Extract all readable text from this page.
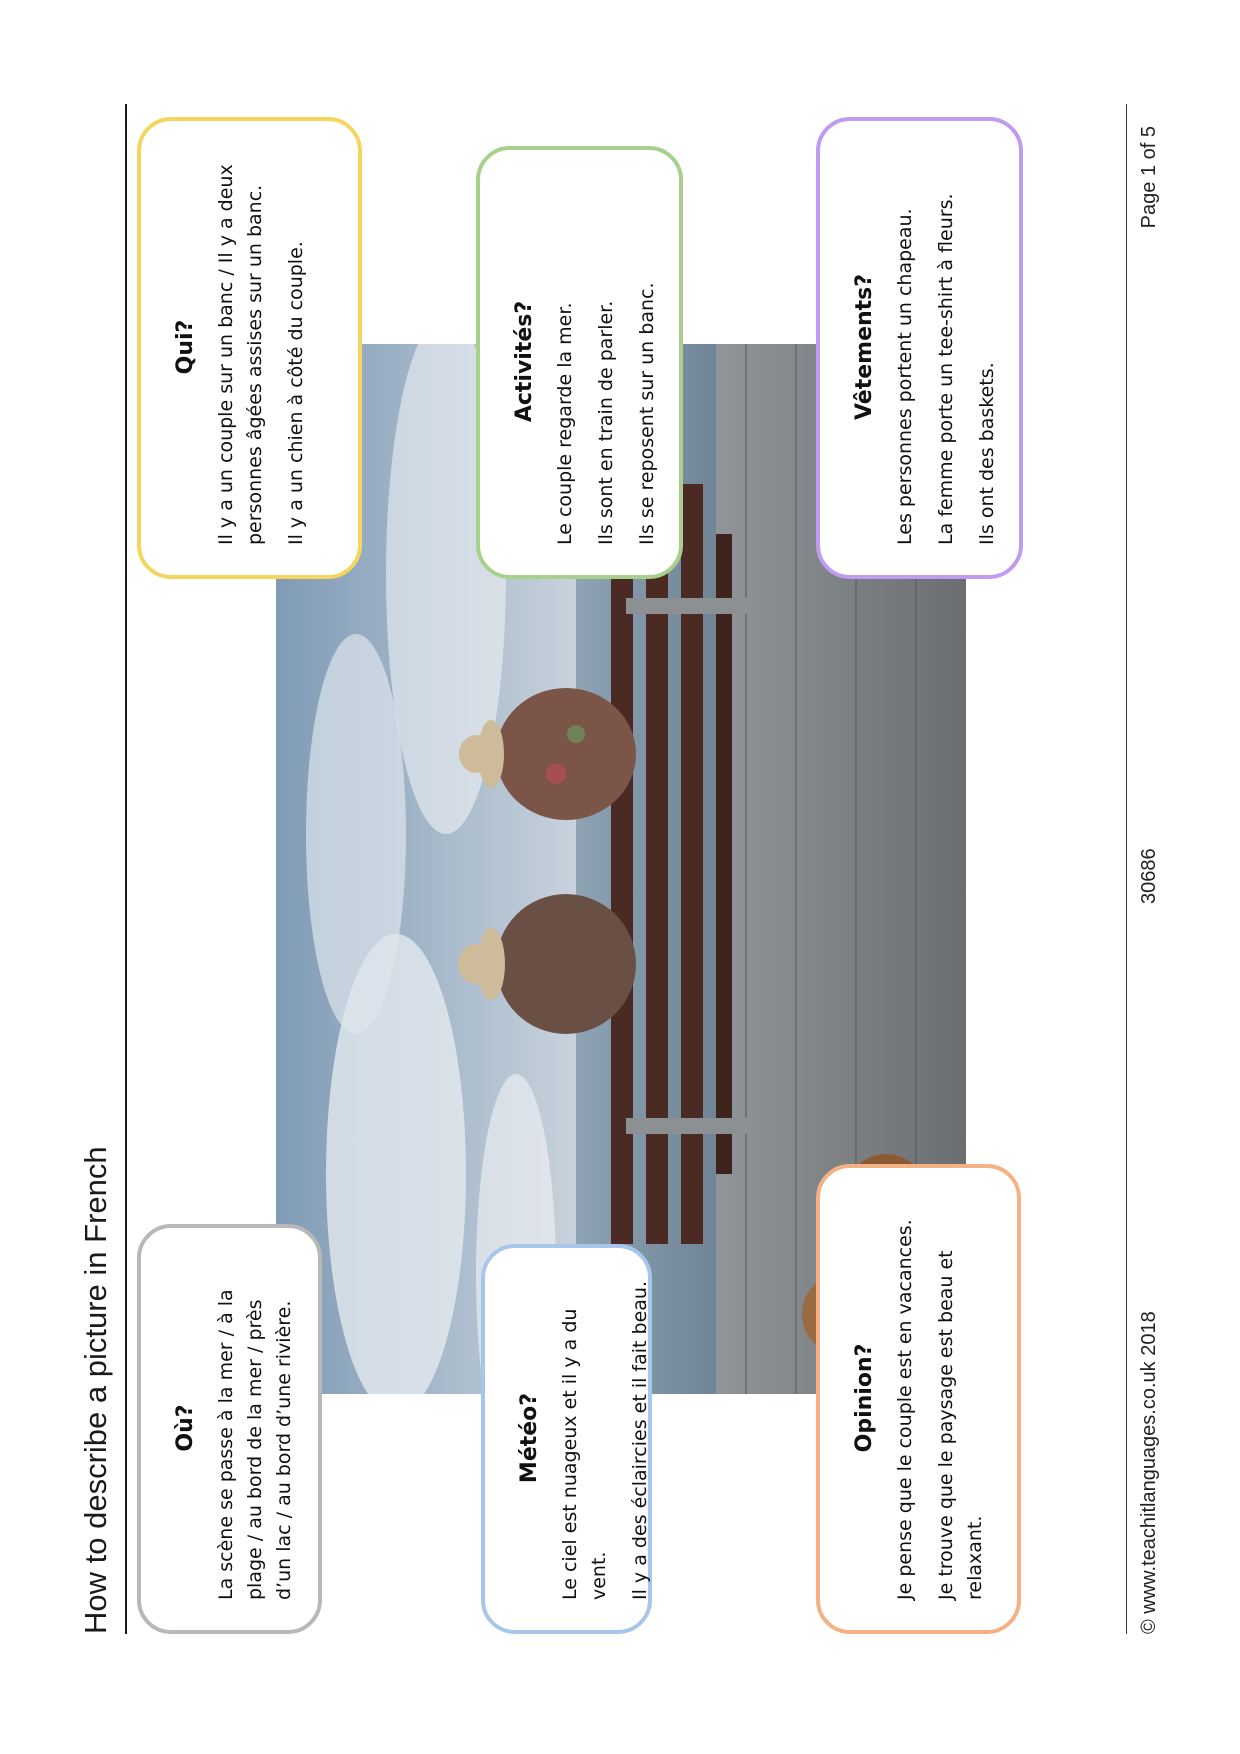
How to describe a picture in French	Où? La scène se passe à la mer / à la plage / au bord de la mer / près d’un lac / au bord d’une rivière.

Qui? Il y a un couple sur un banc / Il y a deux personnes âgées assises sur un banc. Il y a un chien à côté du couple.

Météo? Le ciel est nuageux et il y a du vent. Il y a des éclaircies et il fait beau.

Activités? Le couple regarde la mer. Ils sont en train de parler. Ils se reposent sur un banc.

Opinion? Je pense que le couple est en vacances. Je trouve que le paysage est beau et relaxant.

Vêtements? Les personnes portent un chapeau. La femme porte un tee-shirt à fleurs. Ils ont des baskets.

© www.teachitlanguages.co.uk 2018
30686
Page 1 of 5
